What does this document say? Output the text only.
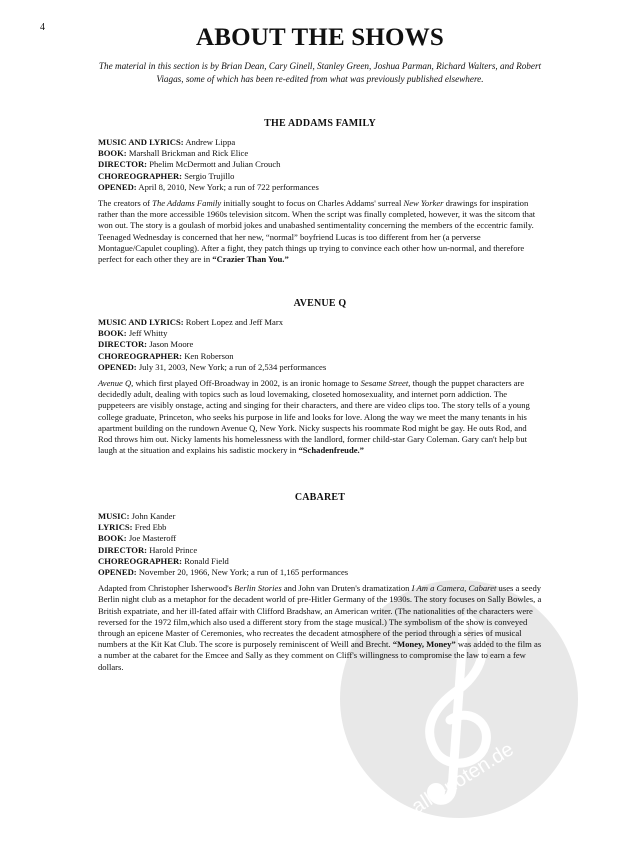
4	ABOUT THE SHOWS
The material in this section is by Brian Dean, Cary Ginell, Stanley Green, Joshua Parman, Richard Walters, and Robert Viagas, some of which has been re-edited from what was previously published elsewhere.
alle-noten.de
THE ADDAMS FAMILY
MUSIC AND LYRICS: Andrew Lippa
BOOK: Marshall Brickman and Rick Elice
DIRECTOR: Phelim McDermott and Julian Crouch
CHOREOGRAPHER: Sergio Trujillo
OPENED: April 8, 2010, New York; a run of 722 performances
The creators of The Addams Family initially sought to focus on Charles Addams' surreal New Yorker drawings for inspiration rather than the more accessible 1960s television sitcom. When the script was finally completed, however, it was the sitcom that won out. The story is a goulash of morbid jokes and unabashed sentimentality concerning the members of the eccentric family. Teenaged Wednesday is concerned that her new, “normal” boyfriend Lucas is too different from her (a perverse Montague/Capulet coupling). After a fight, they patch things up trying to convince each other how un-normal, and therefore perfect for each other they are in “Crazier Than You.”
AVENUE Q
MUSIC AND LYRICS: Robert Lopez and Jeff Marx
BOOK: Jeff Whitty
DIRECTOR: Jason Moore
CHOREOGRAPHER: Ken Roberson
OPENED: July 31, 2003, New York; a run of 2,534 performances
Avenue Q, which first played Off-Broadway in 2002, is an ironic homage to Sesame Street, though the puppet characters are decidedly adult, dealing with topics such as loud lovemaking, closeted homosexuality, and internet porn addiction. The puppeteers are visibly onstage, acting and singing for their characters, and there are video clips too. The story tells of a young college graduate, Princeton, who seeks his purpose in life and looks for love. Along the way we meet the many tenants in his apartment building on the rundown Avenue Q, New York. Nicky suspects his roommate Rod might be gay. He outs Rod, and Rod throws him out. Nicky laments his homelessness with the landlord, former child-star Gary Coleman. Gary can't help but laugh at the situation and explains his sadistic mockery in “Schadenfreude.”
CABARET
MUSIC: John Kander
LYRICS: Fred Ebb
BOOK: Joe Masteroff
DIRECTOR: Harold Prince
CHOREOGRAPHER: Ronald Field
OPENED: November 20, 1966, New York; a run of 1,165 performances
Adapted from Christopher Isherwood's Berlin Stories and John van Druten's dramatization I Am a Camera, Cabaret uses a seedy Berlin night club as a metaphor for the decadent world of pre-Hitler Germany of the 1930s. The story focuses on Sally Bowles, a British expatriate, and her ill-fated affair with Clifford Bradshaw, an American writer. (The nationalities of the characters were reversed for the 1972 film,which also used a different story from the stage musical.) The symbolism of the show is conveyed through an epicene Master of Ceremonies, who recreates the decadent atmosphere of the period through a series of musical numbers at the Kit Kat Club. The score is purposely reminiscent of Weill and Brecht. “Money, Money” was added to the film as a number at the cabaret for the Emcee and Sally as they comment on Cliff's willingness to compromise the law to earn a few dollars.
